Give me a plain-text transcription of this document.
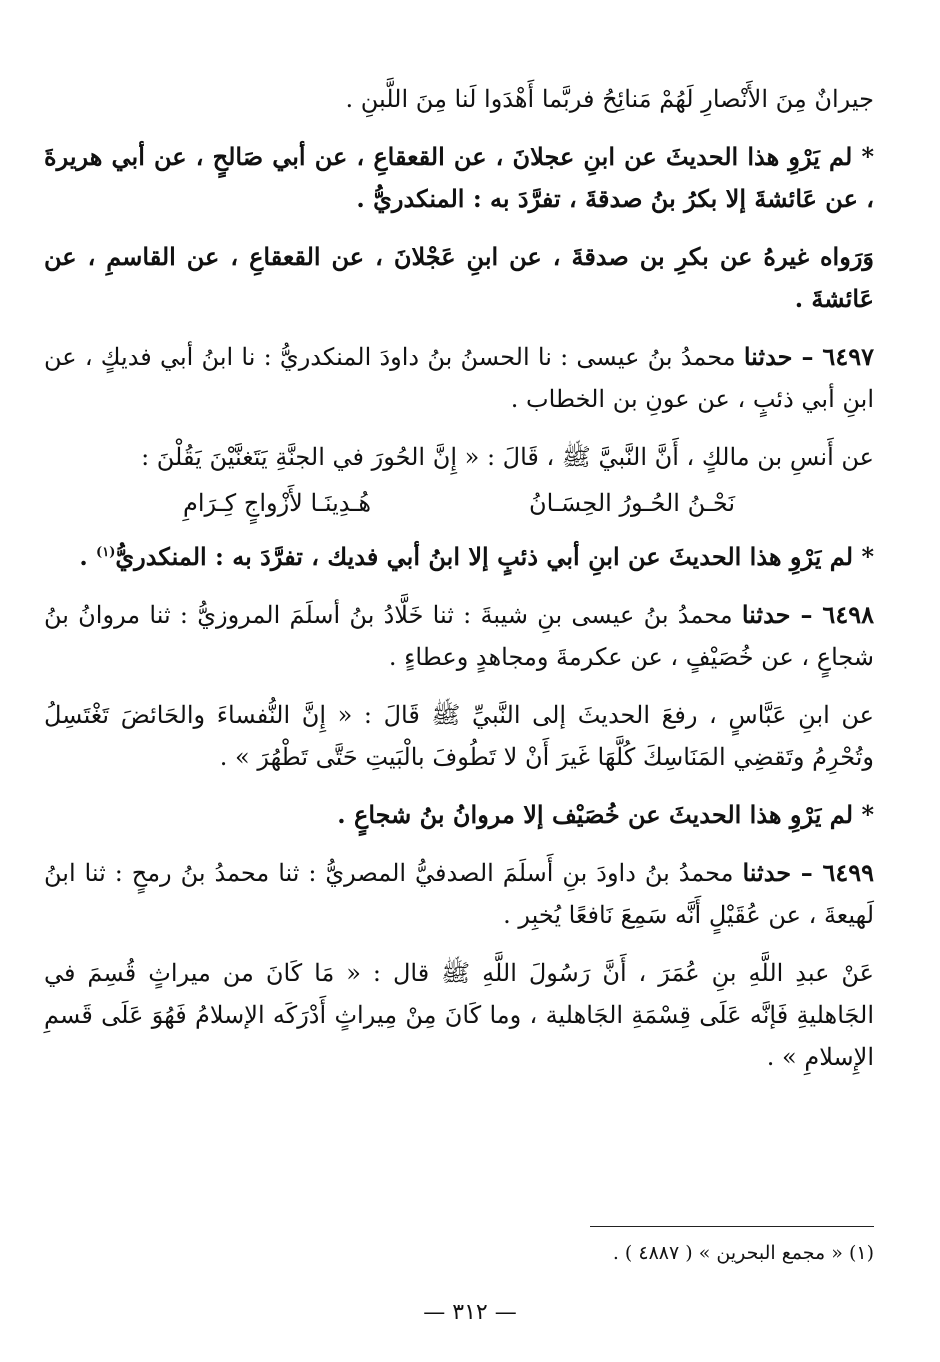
جيرانٌ مِنَ الأَنْصارِ لَهُمْ مَنائِحُ فربَّما أَهْدَوا لَنا مِنَ اللَّبنِ .

* لم يَرْوِ هذا الحديثَ عن ابنِ عجلانَ ، عن القعقاعِ ، عن أبي صَالحٍ ، عن أبي هريرةَ ، عن عَائشةَ إلا بكرُ بنُ صدقةَ ، تفرَّدَ به : المنكدريُّ .

وَرَواه غيرهُ عن بكرِ بن صدقةَ ، عن ابنِ عَجْلانَ ، عن القعقاعِ ، عن القاسمِ ، عن عَائشةَ .

٦٤٩٧ – حدثنا محمدُ بنُ عيسى : نا الحسنُ بنُ داودَ المنكدريُّ : نا ابنُ أبي فديكٍ ، عن ابنِ أبي ذئبٍ ، عن عونِ بن الخطاب .

عن أَنسِ بن مالكٍ ، أَنَّ النَّبيَّ ﷺ ، قَالَ : « إِنَّ الحُورَ في الجنَّةِ يَتَغنَّيْنَ يَقُلْنَ :

نَحْـنُ الحُـورُ الحِسَـانُ
هُـدِينَـا لأَزْواجٍ كِـرَامِ

* لم يَرْوِ هذا الحديثَ عن ابنِ أبي ذئبٍ إلا ابنُ أبي فديك ، تفرَّدَ به : المنكدريُّ$^{(١)}$ .

٦٤٩٨ – حدثنا محمدُ بنُ عيسى بنِ شيبةَ : ثنا خَلَّادُ بنُ أسلَمَ المروزيُّ : ثنا مروانُ بنُ شجاعٍ ، عن خُصَيْفٍ ، عن عكرمةَ ومجاهدٍ وعطاءٍ .

عن ابنِ عَبَّاسٍ ، رفعَ الحديثَ إلى النَّبيِّ ﷺ قَالَ : « إِنَّ النُّفساءَ والحَائضَ تَغْتَسِلُ وتُحْرِمُ وتَقضِي المَنَاسِكَ كُلَّهَا غَيرَ أَنْ لا تَطُوفَ بالْبَيتِ حَتَّى تَطْهُرَ » .

* لم يَرْوِ هذا الحديثَ عن خُصَيْف إلا مروانُ بنُ شجاعٍ .

٦٤٩٩ – حدثنا محمدُ بنُ داودَ بنِ أَسلَمَ الصدفيُّ المصريُّ : ثنا محمدُ بنُ رمحٍ : ثنا ابنُ لَهيعةَ ، عن عُقَيْلٍ أَنَّه سَمِعَ نَافعًا يُخبِر .

عَنْ عبدِ اللَّهِ بنِ عُمَرَ ، أَنَّ رَسُولَ اللَّهِ ﷺ قال : « مَا كَانَ من ميراثٍ قُسِمَ في الجَاهليةِ فَإنَّه عَلَى قِسْمَةِ الجَاهلية ، وما كَانَ مِنْ مِيراثٍ أَدْرَكَه الإسلامُ فَهُوَ عَلَى قَسمِ الإِسلامِ » .

(١) « مجمع البحرين » ( ٤٨٨٧ ) .
— ٣١٢ —
